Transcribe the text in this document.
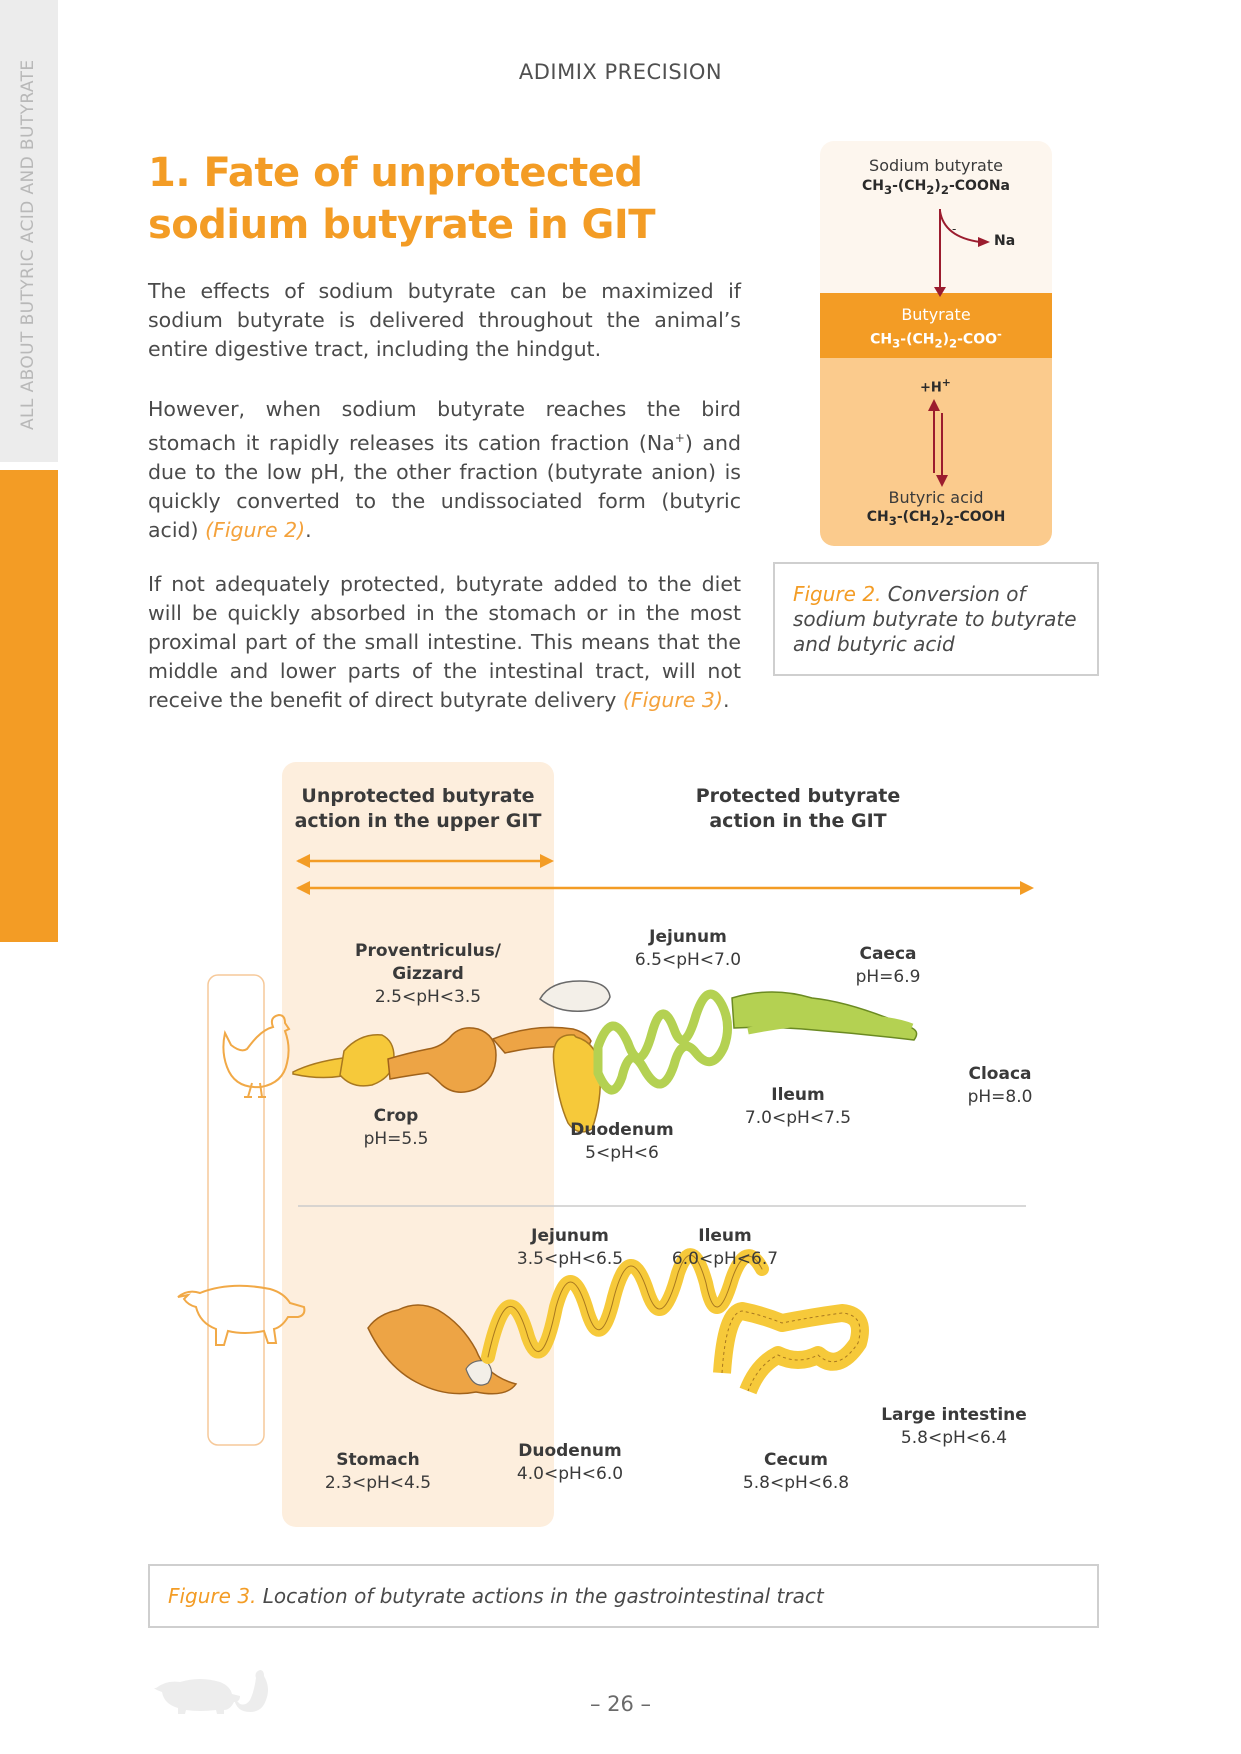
ALL ABOUT BUTYRIC ACID AND BUTYRATE
THE BENEFITS OF PRECISION DELIVERY
ADIMIX PRECISION
1. Fate of unprotected
sodium butyrate in GIT
The effects of sodium butyrate can be maximized if sodium butyrate is delivered throughout the animal’s entire digestive tract, including the hindgut.
However, when sodium butyrate reaches the bird stomach it rapidly releases its cation fraction (Na+) and due to the low pH, the other fraction (butyrate anion) is quickly converted to the undissociated form (butyric acid) (Figure 2).
If not adequately protected, butyrate added to the diet will be quickly absorbed in the stomach or in the most proximal part of the small intestine. This means that the middle and lower parts of the intestinal tract, will not receive the benefit of direct butyrate delivery (Figure 3).
Sodium butyrate
$CH_3-(CH_2)_2$-COONa
-
Na
Butyrate
$CH_3-(CH_2)_2-COO^-$
+H+
Butyric acid
$CH_3-(CH_2)_2$-COOH
Figure 2. Conversion of sodium butyrate to butyrate and butyric acid
Unprotected butyrate
action in the upper GIT
Protected butyrate
action in the GIT
Proventriculus/
Gizzard
2.5<pH<3.5
Jejunum
6.5<pH<7.0	Caeca
pH=6.9
Cloaca
pH=8.0
Ileum
7.0<pH<7.5
Duodenum
5<pH<6
Crop
pH=5.5
Jejunum
3.5<pH<6.5
Ileum
6.0<pH<6.7
Large intestine
5.8<pH<6.4
Stomach
2.3<pH<4.5
Duodenum
4.0<pH<6.0
Cecum
5.8<pH<6.8
Figure 3. Location of butyrate actions in the gastrointestinal tract
– 26 –
